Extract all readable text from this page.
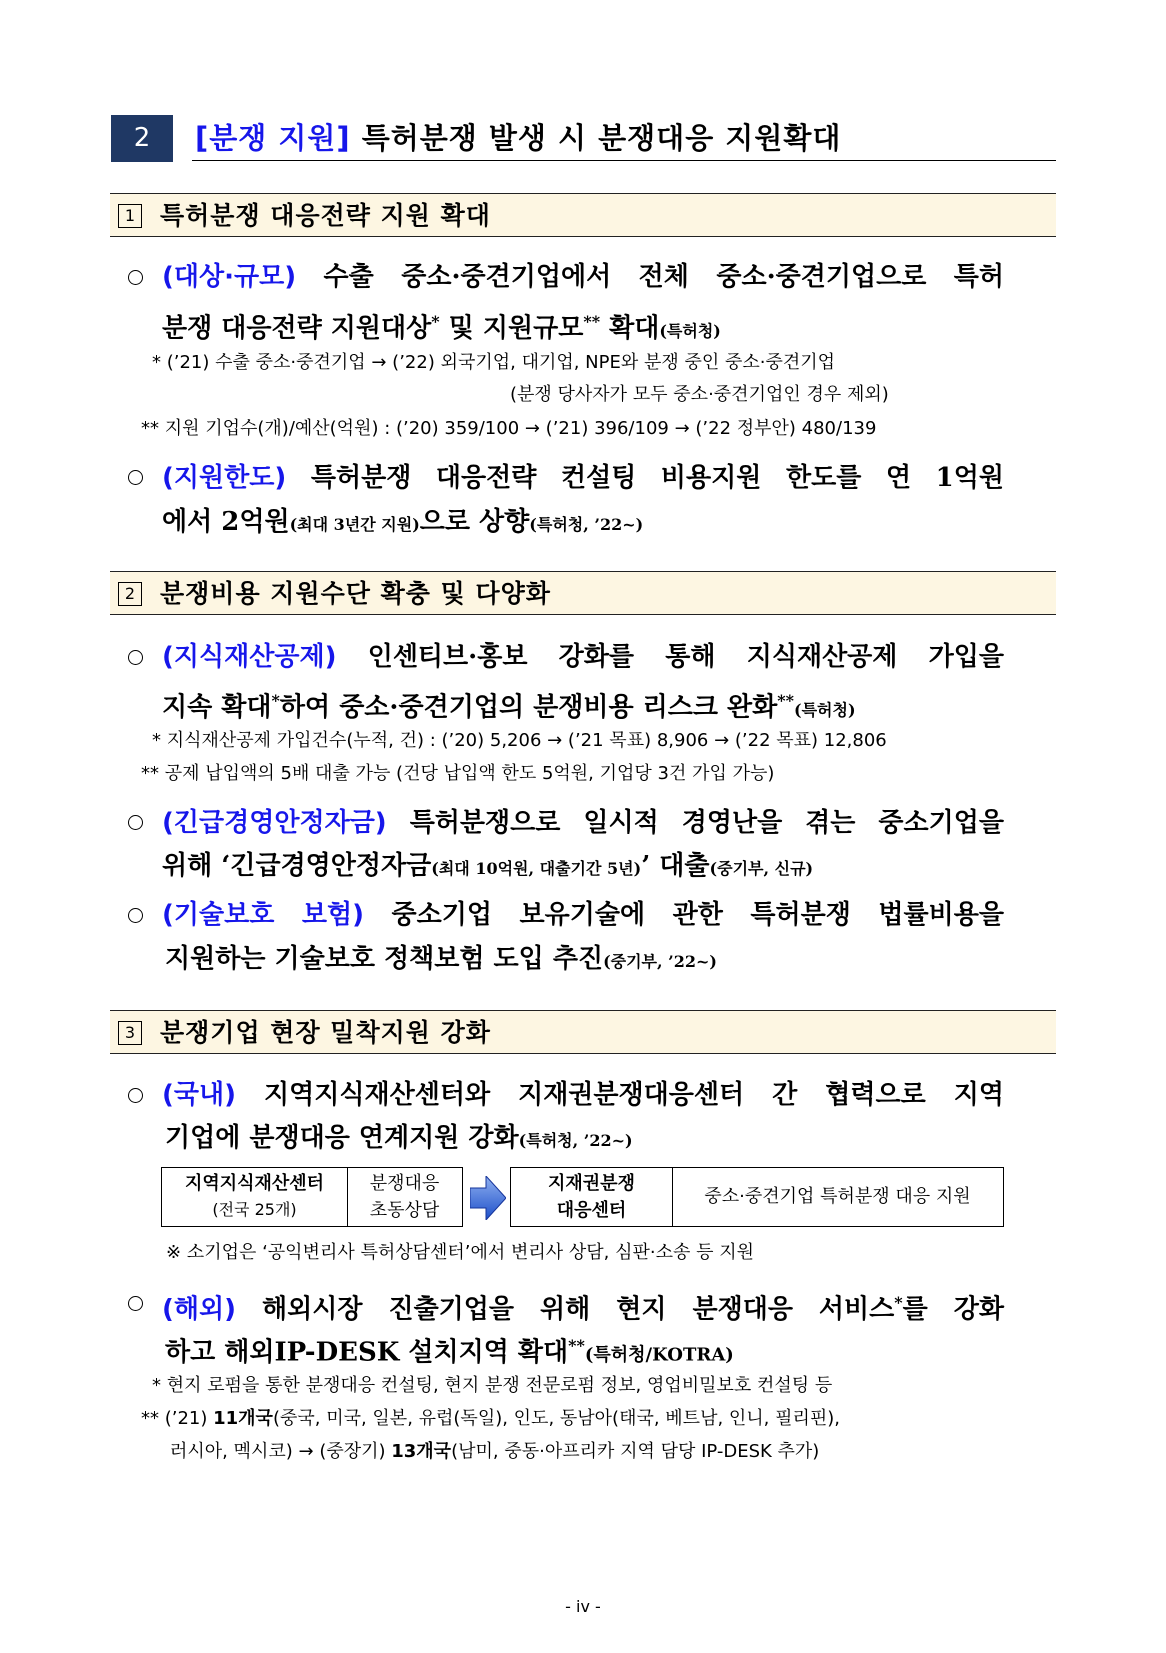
2	[분쟁 지원] 특허분쟁 발생 시 분쟁대응 지원확대
1 특허분쟁 대응전략 지원 확대
(대상·규모) 수출 중소·중견기업에서 전체 중소·중견기업으로 특허
분쟁 대응전략 지원대상* 및 지원규모** 확대(특허청)
* (’21) 수출 중소·중견기업 → (’22) 외국기업, 대기업, NPE와 분쟁 중인 중소·중견기업
(분쟁 당사자가 모두 중소·중견기업인 경우 제외)
** 지원 기업수(개)/예산(억원) : (’20) 359/100 → (’21) 396/109 → (’22 정부안) 480/139
(지원한도) 특허분쟁 대응전략 컨설팅 비용지원 한도를 연 1억원
에서 2억원(최대 3년간 지원)으로 상향(특허청, ’22~)
2 분쟁비용 지원수단 확충 및 다양화
(지식재산공제) 인센티브·홍보 강화를 통해 지식재산공제 가입을
지속 확대*하여 중소·중견기업의 분쟁비용 리스크 완화**(특허청)
* 지식재산공제 가입건수(누적, 건) : (’20) 5,206 → (’21 목표) 8,906 → (’22 목표) 12,806
** 공제 납입액의 5배 대출 가능 (건당 납입액 한도 5억원, 기업당 3건 가입 가능)
(긴급경영안정자금) 특허분쟁으로 일시적 경영난을 겪는 중소기업을
위해 ‘긴급경영안정자금(최대 10억원, 대출기간 5년)’ 대출(중기부, 신규)
(기술보호 보험) 중소기업 보유기술에 관한 특허분쟁 법률비용을
지원하는 기술보호 정책보험 도입 추진(중기부, ’22~)
3 분쟁기업 현장 밀착지원 강화
(국내) 지역지식재산센터와 지재권분쟁대응센터 간 협력으로 지역
기업에 분쟁대응 연계지원 강화(특허청, ’22~)
지역지식재산센터
(전국 25개)
분쟁대응
초동상담
지재권분쟁
대응센터
중소·중견기업 특허분쟁 대응 지원
※ 소기업은 ‘공익변리사 특허상담센터’에서 변리사 상담, 심판·소송 등 지원
(해외) 해외시장 진출기업을 위해 현지 분쟁대응 서비스*를 강화
하고 해외IP-DESK 설치지역 확대**(특허청/KOTRA)
* 현지 로펌을 통한 분쟁대응 컨설팅, 현지 분쟁 전문로펌 정보, 영업비밀보호 컨설팅 등
** (’21) 11개국(중국, 미국, 일본, 유럽(독일), 인도, 동남아(태국, 베트남, 인니, 필리핀),
러시아, 멕시코) → (중장기) 13개국(남미, 중동·아프리카 지역 담당 IP-DESK 추가)
- iv -
